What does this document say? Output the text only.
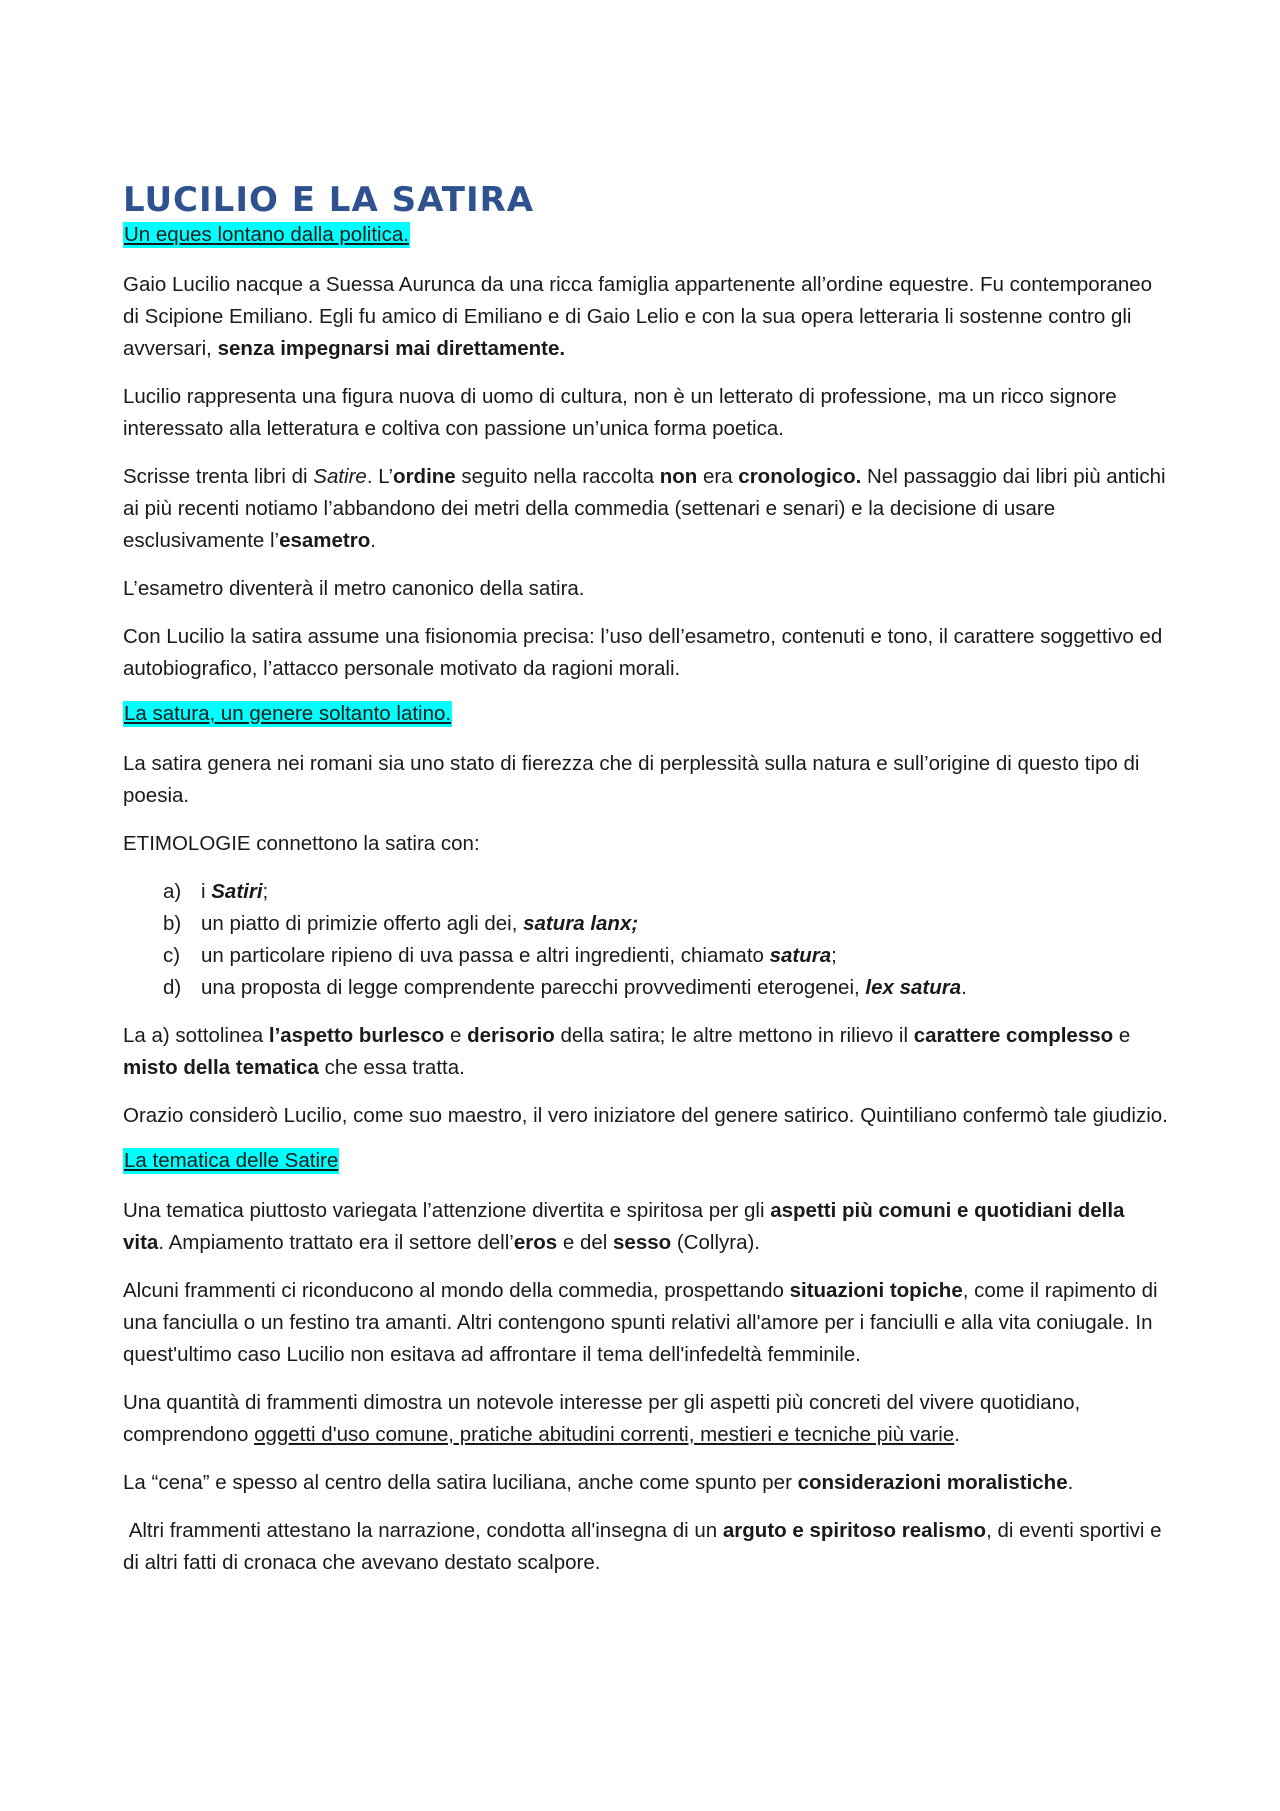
LUCILIO E LA SATIRA
Un eques lontano dalla politica.

Gaio Lucilio nacque a Suessa Aurunca da una ricca famiglia appartenente all’ordine equestre. Fu contemporaneo di Scipione Emiliano. Egli fu amico di Emiliano e di Gaio Lelio e con la sua opera letteraria li sostenne contro gli avversari, senza impegnarsi mai direttamente.

Lucilio rappresenta una figura nuova di uomo di cultura, non è un letterato di professione, ma un ricco signore interessato alla letteratura e coltiva con passione un’unica forma poetica.

Scrisse trenta libri di Satire. L’ordine seguito nella raccolta non era cronologico. Nel passaggio dai libri più antichi ai più recenti notiamo l’abbandono dei metri della commedia (settenari e senari) e la decisione di usare esclusivamente l’esametro.

L’esametro diventerà il metro canonico della satira.

Con Lucilio la satira assume una fisionomia precisa: l’uso dell’esametro, contenuti e tono, il carattere soggettivo ed autobiografico, l’attacco personale motivato da ragioni morali.

La satura, un genere soltanto latino.

La satira genera nei romani sia uno stato di fierezza che di perplessità sulla natura e sull’origine di questo tipo di poesia.

ETIMOLOGIE connettono la satira con:

a) i Satiri;
b) un piatto di primizie offerto agli dei, satura lanx;
c)	un particolare ripieno di uva passa e altri ingredienti, chiamato satura;
d) una proposta di legge comprendente parecchi provvedimenti eterogenei, lex satura.

La a) sottolinea l’aspetto burlesco e derisorio della satira; le altre mettono in rilievo il carattere complesso e misto della tematica che essa tratta.

Orazio considerò Lucilio, come suo maestro, il vero iniziatore del genere satirico. Quintiliano confermò tale giudizio.

La tematica delle Satire

Una tematica piuttosto variegata l’attenzione divertita e spiritosa per gli aspetti più comuni e quotidiani della vita. Ampiamento trattato era il settore dell’eros e del sesso (Collyra).

Alcuni frammenti ci riconducono al mondo della commedia, prospettando situazioni topiche, come il rapimento di una fanciulla o un festino tra amanti. Altri contengono spunti relativi all'amore per i fanciulli e alla vita coniugale. In quest'ultimo caso Lucilio non esitava ad affrontare il tema dell'infedeltà femminile.

Una quantità di frammenti dimostra un notevole interesse per gli aspetti più concreti del vivere quotidiano, comprendono oggetti d'uso comune, pratiche abitudini correnti, mestieri e tecniche più varie.

La “cena” e spesso al centro della satira luciliana, anche come spunto per considerazioni moralistiche.

Altri frammenti attestano la narrazione, condotta all'insegna di un arguto e spiritoso realismo, di eventi sportivi e di altri fatti di cronaca che avevano destato scalpore.
